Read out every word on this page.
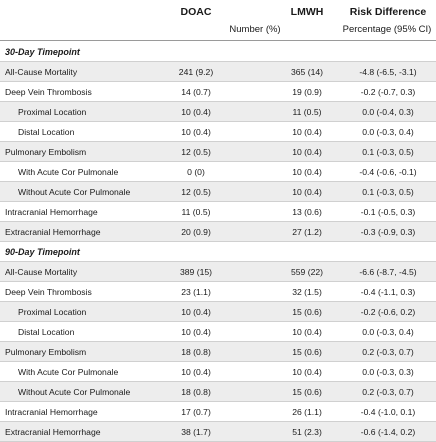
DOAC	LMWH	Risk Difference
Number (%)	Percentage (95% CI)
30-Day Timepoint
All-Cause Mortality	241 (9.2)	365 (14)	-4.8 (-6.5, -3.1)
Deep Vein Thrombosis	14 (0.7)	19 (0.9)	-0.2 (-0.7, 0.3)
Proximal Location	10 (0.4)	11 (0.5)	0.0 (-0.4, 0.3)
Distal Location	10 (0.4)	10 (0.4)	0.0 (-0.3, 0.4)
Pulmonary Embolism	12 (0.5)	10 (0.4)	0.1 (-0.3, 0.5)
With Acute Cor Pulmonale	0 (0)	10 (0.4)	-0.4 (-0.6, -0.1)
Without Acute Cor Pulmonale	12 (0.5)	10 (0.4)	0.1 (-0.3, 0.5)
Intracranial Hemorrhage	11 (0.5)	13 (0.6)	-0.1 (-0.5, 0.3)
Extracranial Hemorrhage	20 (0.9)	27 (1.2)	-0.3 (-0.9, 0.3)
90-Day Timepoint
All-Cause Mortality	389 (15)	559 (22)	-6.6 (-8.7, -4.5)
Deep Vein Thrombosis	23 (1.1)	32 (1.5)	-0.4 (-1.1, 0.3)
Proximal Location	10 (0.4)	15 (0.6)	-0.2 (-0.6, 0.2)
Distal Location	10 (0.4)	10 (0.4)	0.0 (-0.3, 0.4)
Pulmonary Embolism	18 (0.8)	15 (0.6)	0.2 (-0.3, 0.7)
With Acute Cor Pulmonale	10 (0.4)	10 (0.4)	0.0 (-0.3, 0.3)
Without Acute Cor Pulmonale	18 (0.8)	15 (0.6)	0.2 (-0.3, 0.7)
Intracranial Hemorrhage	17 (0.7)	26 (1.1)	-0.4 (-1.0, 0.1)
Extracranial Hemorrhage	38 (1.7)	51 (2.3)	-0.6 (-1.4, 0.2)
